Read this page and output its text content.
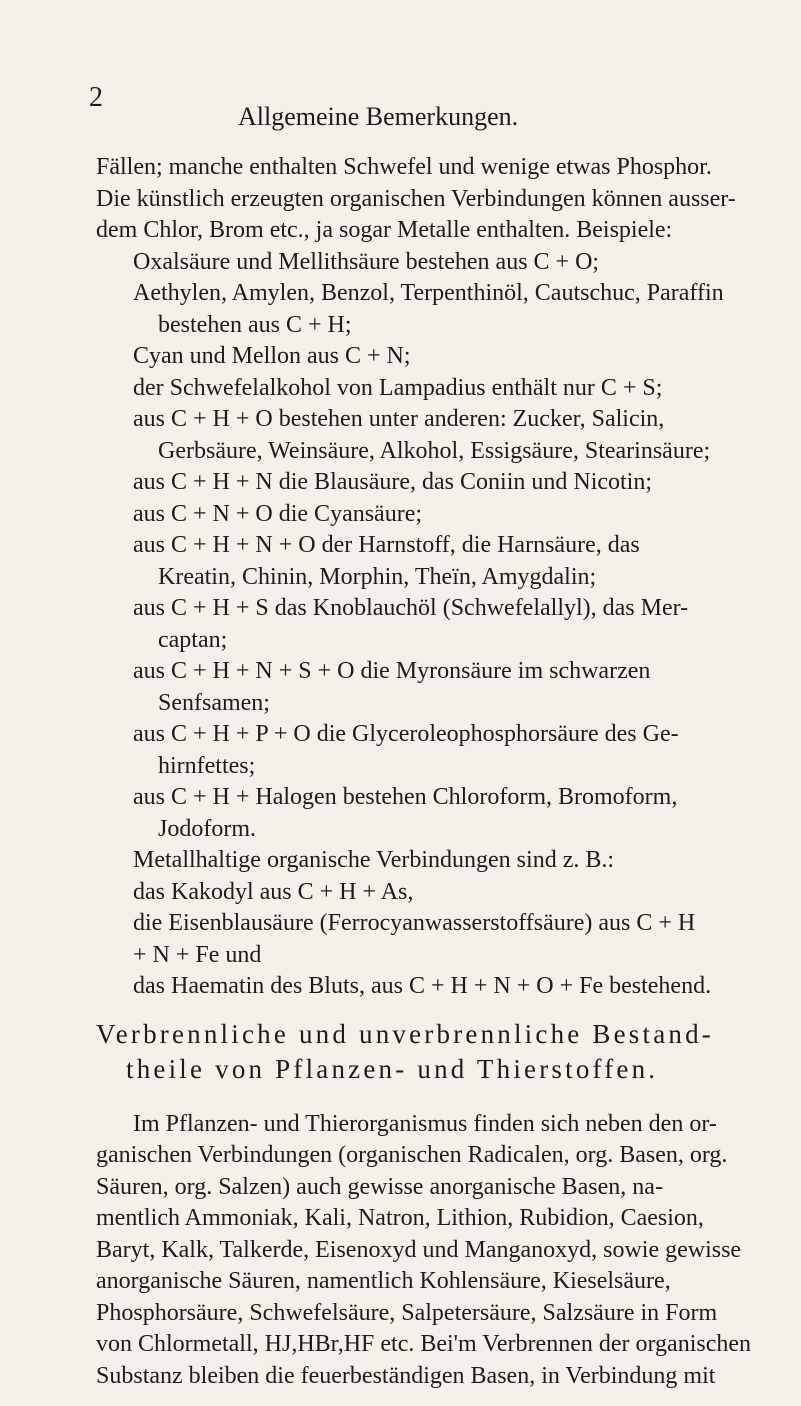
2
Allgemeine Bemerkungen.
Fällen; manche enthalten Schwefel und wenige etwas Phosphor.
Die künstlich erzeugten organischen Verbindungen können ausser-
dem Chlor, Brom etc., ja sogar Metalle enthalten. Beispiele:
Oxalsäure und Mellithsäure bestehen aus C + O;
Aethylen, Amylen, Benzol, Terpenthinöl, Cautschuc, Paraffin
bestehen aus C + H;
Cyan und Mellon aus C + N;
der Schwefelalkohol von Lampadius enthält nur C + S;
aus C + H + O bestehen unter anderen: Zucker, Salicin,
Gerbsäure, Weinsäure, Alkohol, Essigsäure, Stearinsäure;
aus C + H + N die Blausäure, das Coniin und Nicotin;
aus C + N + O die Cyansäure;
aus C + H + N + O der Harnstoff, die Harnsäure, das
Kreatin, Chinin, Morphin, Theïn, Amygdalin;
aus C + H + S das Knoblauchöl (Schwefelallyl), das Mer-
captan;
aus C + H + N + S + O die Myronsäure im schwarzen
Senfsamen;
aus C + H + P + O die Glyceroleophosphorsäure des Ge-
hirnfettes;
aus C + H + Halogen bestehen Chloroform, Bromoform,
Jodoform.
Metallhaltige organische Verbindungen sind z. B.:
das Kakodyl aus C + H + As,
die Eisenblausäure (Ferrocyanwasserstoffsäure) aus C + H
+ N + Fe und
das Haematin des Bluts, aus C + H + N + O + Fe bestehend.
Verbrennliche und unverbrennliche Bestand-
theile von Pflanzen- und Thierstoffen.
Im Pflanzen- und Thierorganismus finden sich neben den or-
ganischen Verbindungen (organischen Radicalen, org. Basen, org.
Säuren, org. Salzen) auch gewisse anorganische Basen, na-
mentlich Ammoniak, Kali, Natron, Lithion, Rubidion, Caesion,
Baryt, Kalk, Talkerde, Eisenoxyd und Manganoxyd, sowie gewisse
anorganische Säuren, namentlich Kohlensäure, Kieselsäure,
Phosphorsäure, Schwefelsäure, Salpetersäure, Salzsäure in Form
von Chlormetall, HJ,HBr,HF etc. Bei'm Verbrennen der organischen
Substanz bleiben die feuerbeständigen Basen, in Verbindung mit
